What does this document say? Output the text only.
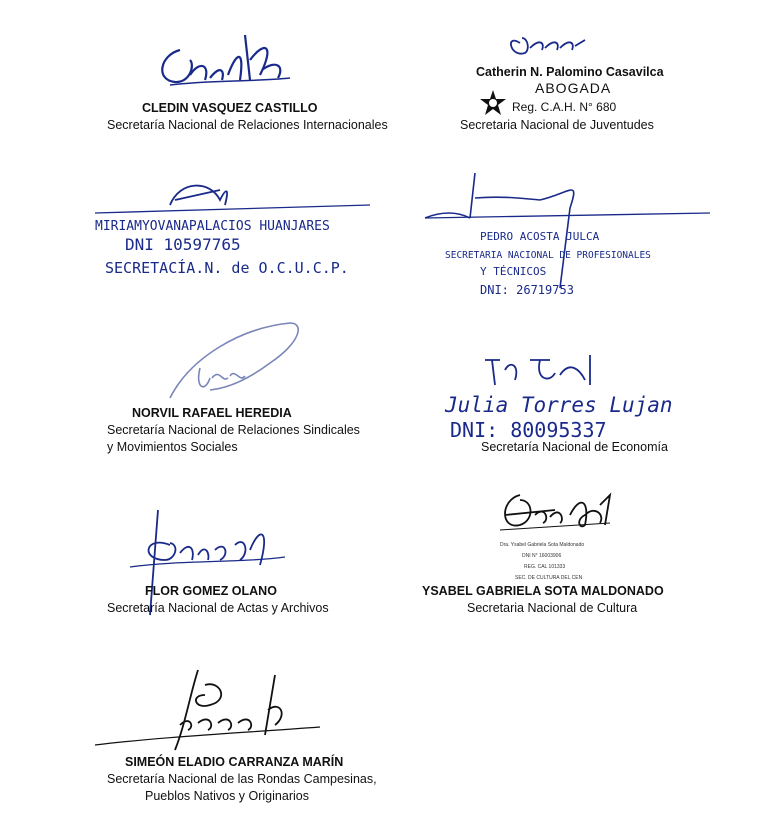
CLEDIN VASQUEZ CASTILLO
Secretaría Nacional de Relaciones Internacionales
Catherin N. Palomino Casavilca
ABOGADA
Reg. C.A.H. N° 680
Secretaria Nacional de Juventudes
MIRIAMYOVANAPALACIOS HUANJARES
DNI 10597765
SECRETACÍA.N. de O.C.U.C.P.
PEDRO ACOSTA JULCA
SECRETARIA NACIONAL DE PROFESIONALES
Y TÉCNICOS
DNI: 26719753
NORVIL RAFAEL HEREDIA
Secretaría Nacional de Relaciones Sindicales
y Movimientos Sociales
Julia Torres Lujan
DNI: 80095337
Secretaría Nacional de Economía
FLOR GOMEZ OLANO
Secretaría Nacional de Actas y Archivos
Dra. Ysabel Gabriela Sota Maldonado
DNI N° 16003906
REG. CAL 101333
SEC. DE CULTURA DEL CEN
YSABEL GABRIELA SOTA MALDONADO
Secretaria Nacional de Cultura
SIMEÓN ELADIO CARRANZA MARÍN
Secretaría Nacional de las Rondas Campesinas,
Pueblos Nativos y Originarios
